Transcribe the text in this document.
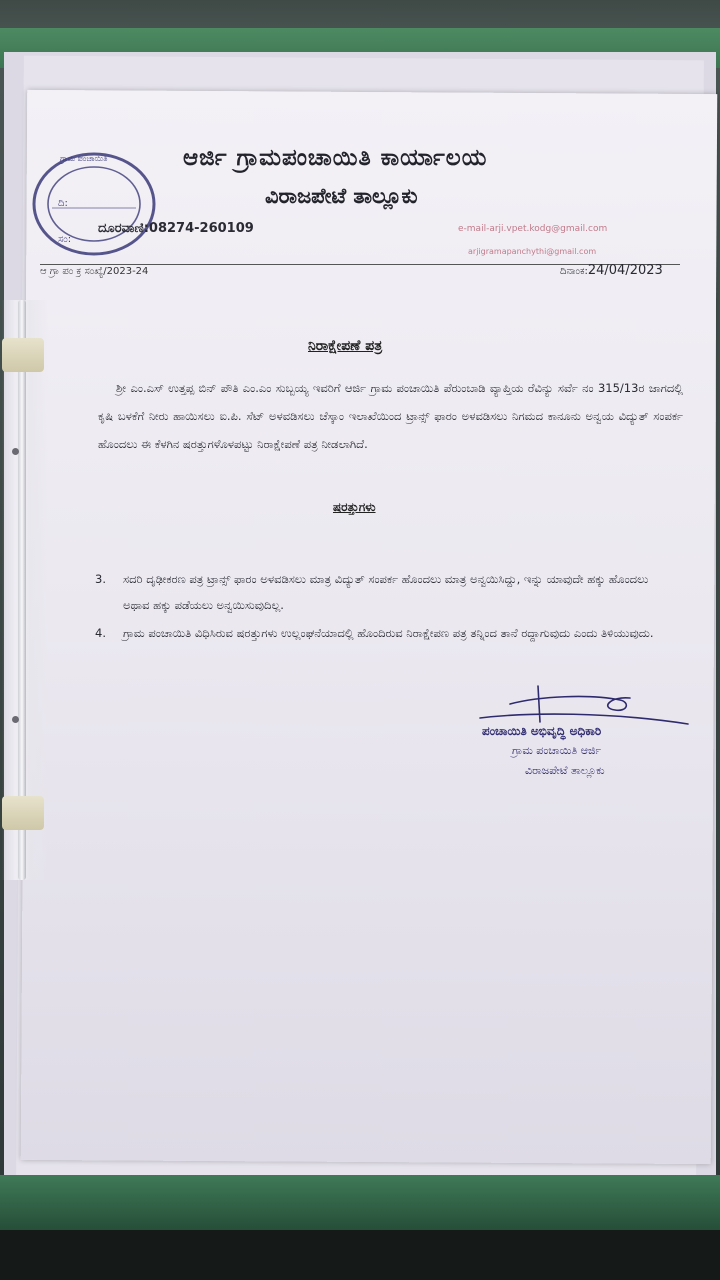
ಗ್ರಾಮ ಪಂಚಾಯಿತಿ
ದಿ:
ಸಂ:
ಆರ್ಜಿ ಗ್ರಾಮಪಂಚಾಯಿತಿ ಕಾರ್ಯಾಲಯ
ವಿರಾಜಪೇಟೆ ತಾಲ್ಲೂಕು
ದೂರವಾಣಿ:08274-260109	e-mail-arji.vpet.kodg@gmail.com
arjigramapanchythi@gmail.com
ಆ ಗ್ರಾ ಪಂ ಕ್ರ ಸಂಖ್ಯೆ/2023-24	ದಿನಾಂಕ:24/04/2023
ನಿರಾಕ್ಷೇಪಣೆ ಪತ್ರ
ಶ್ರೀ ಎಂ.ಎಸ್ ಉತ್ತಪ್ಪ ಬಿನ್ ಪೌತಿ ಎಂ.ಎಂ ಸುಬ್ಬಯ್ಯ ಇವರಿಗೆ ಆರ್ಜಿ ಗ್ರಾಮ ಪಂಚಾಯಿತಿ ಪೆರುಂಬಾಡಿ ವ್ಯಾಪ್ತಿಯ ರೆವಿನ್ಯು ಸರ್ವೆ ನಂ 315/13ರ ಜಾಗದಲ್ಲಿ ಕೃಷಿ ಬಳಕೆಗೆ ನೀರು ಹಾಯಿಸಲು ಐ.ಪಿ. ಸೆಟ್ ಅಳವಡಿಸಲು ಚೆಸ್ಕಾಂ ಇಲಾಖೆಯಿಂದ ಟ್ರಾನ್ಸ್ ಫಾರಂ ಅಳವಡಿಸಲು ನಿಗಮದ ಕಾನೂನು ಅನ್ವಯ ವಿದ್ಯುತ್ ಸಂಪರ್ಕ ಹೊಂದಲು ಈ ಕೆಳಗಿನ ಷರತ್ತುಗಳೊಳಪಟ್ಟು ನಿರಾಕ್ಷೇಪಣೆ ಪತ್ರ ನೀಡಲಾಗಿದೆ.
ಷರತ್ತುಗಳು
3.	ಸದರಿ ದೃಢೀಕರಣ ಪತ್ರ ಟ್ರಾನ್ಸ್ ಫಾರಂ ಅಳವಡಿಸಲು ಮಾತ್ರ ವಿದ್ಯುತ್ ಸಂಪರ್ಕ ಹೊಂದಲು ಮಾತ್ರ ಅನ್ವಯಿಸಿದ್ದು, ಇನ್ನು ಯಾವುದೇ ಹಕ್ಕು ಹೊಂದಲು ಅಥಾವ ಹಕ್ಕು ಪಡೆಯಲು ಅನ್ವಯಿಸುವುದಿಲ್ಲ.
4.	ಗ್ರಾಮ ಪಂಚಾಯಿತಿ ವಿಧಿಸಿರುವ ಷರತ್ತುಗಳು ಉಲ್ಲಂಘನೆಯಾದಲ್ಲಿ ಹೊಂದಿರುವ ನಿರಾಕ್ಷೇಪಣ ಪತ್ರ ತನ್ನಿಂದ ತಾನೆ ರದ್ದಾಗುವುದು ಎಂದು ತಿಳಿಯುವುದು.
ಪಂಚಾಯಿತಿ ಅಭಿವೃದ್ಧಿ ಅಧಿಕಾರಿ
ಗ್ರಾಮ ಪಂಚಾಯಿತಿ ಆರ್ಜಿ
ವಿರಾಜಪೇಟೆ ತಾಲ್ಲೂಕು
